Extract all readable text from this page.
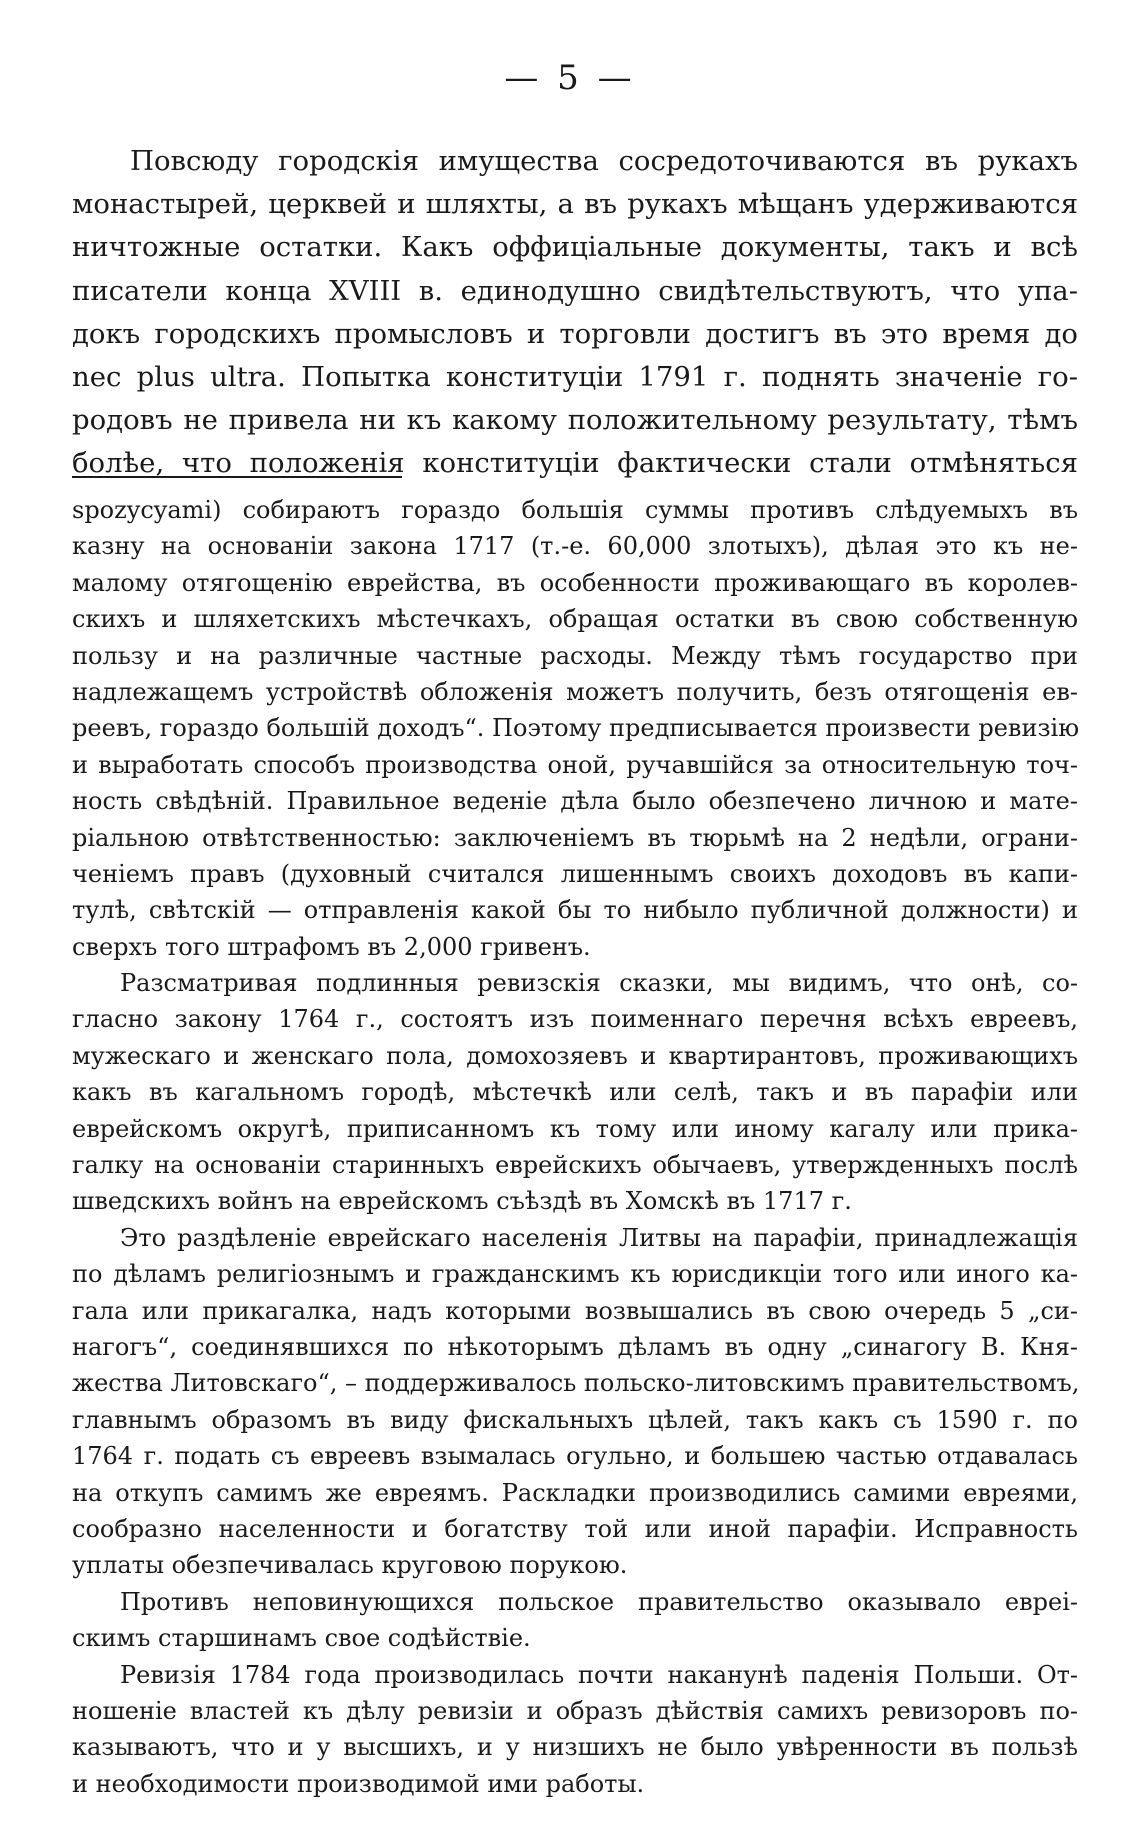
— 5 —
Повсюду городскія имущества сосредоточиваются въ рукахъ
монастырей, церквей и шляхты, а въ рукахъ мѣщанъ удерживаются
ничтожные остатки. Какъ оффиціальные документы, такъ и всѣ
писатели конца XVIII в. единодушно свидѣтельствуютъ, что упа-
докъ городскихъ промысловъ и торговли достигъ въ это время до
nec plus ultra. Попытка конституціи 1791 г. поднять значеніе го-
родовъ не привела ни къ какому положительному результату, тѣмъ
болѣе, что положенія конституціи фактически стали отмѣняться
spozycyami) собираютъ гораздо большія суммы противъ слѣдуемыхъ въ
казну на основаніи закона 1717 (т.-е. 60,000 злотыхъ), дѣлая это къ не-
малому отягощенію еврейства, въ особенности проживающаго въ королев-
скихъ и шляхетскихъ мѣстечкахъ, обращая остатки въ свою собственную
пользу и на различные частные расходы. Между тѣмъ государство при
надлежащемъ устройствѣ обложенія можетъ получить, безъ отягощенія ев-
реевъ, гораздо большій доходъ“. Поэтому предписывается произвести ревизію
и выработать способъ производства оной, ручавшійся за относительную точ-
ность свѣдѣній. Правильное веденіе дѣла было обезпечено личною и мате-
ріальною отвѣтственностью: заключеніемъ въ тюрьмѣ на 2 недѣли, ограни-
ченіемъ правъ (духовный считался лишеннымъ своихъ доходовъ въ капи-
тулѣ, свѣтскій — отправленія какой бы то нибыло публичной должности) и
сверхъ того штрафомъ въ 2,000 гривенъ.
Разсматривая подлинныя ревизскія сказки, мы видимъ, что онѣ, со-
гласно закону 1764 г., состоятъ изъ поименнаго перечня всѣхъ евреевъ,
мужескаго и женскаго пола, домохозяевъ и квартирантовъ, проживающихъ
какъ въ кагальномъ городѣ, мѣстечкѣ или селѣ, такъ и въ парафіи или
еврейскомъ округѣ, приписанномъ къ тому или иному кагалу или прика-
галку на основаніи старинныхъ еврейскихъ обычаевъ, утвержденныхъ послѣ
шведскихъ войнъ на еврейскомъ съѣздѣ въ Хомскѣ въ 1717 г.
Это раздѣленіе еврейскаго населенія Литвы на парафіи, принадлежащія
по дѣламъ религіознымъ и гражданскимъ къ юрисдикціи того или иного ка-
гала или прикагалка, надъ которыми возвышались въ свою очередь 5 „си-
нагогъ“, соединявшихся по нѣкоторымъ дѣламъ въ одну „синагогу В. Кня-
жества Литовскаго“, – поддерживалось польско-литовскимъ правительствомъ,
главнымъ образомъ въ виду фискальныхъ цѣлей, такъ какъ съ 1590 г. по
1764 г. подать съ евреевъ взымалась огульно, и большею частью отдавалась
на откупъ самимъ же евреямъ. Раскладки производились самими евреями,
сообразно населенности и богатству той или иной парафіи. Исправность
уплаты обезпечивалась круговою порукою.
Противъ неповинующихся польское правительство оказывало евреі-
скимъ старшинамъ свое содѣйствіе.
Ревизія 1784 года производилась почти наканунѣ паденія Польши. От-
ношеніе властей къ дѣлу ревизіи и образъ дѣйствія самихъ ревизоровъ по-
казываютъ, что и у высшихъ, и у низшихъ не было увѣренности въ пользѣ
и необходимости производимой ими работы.
